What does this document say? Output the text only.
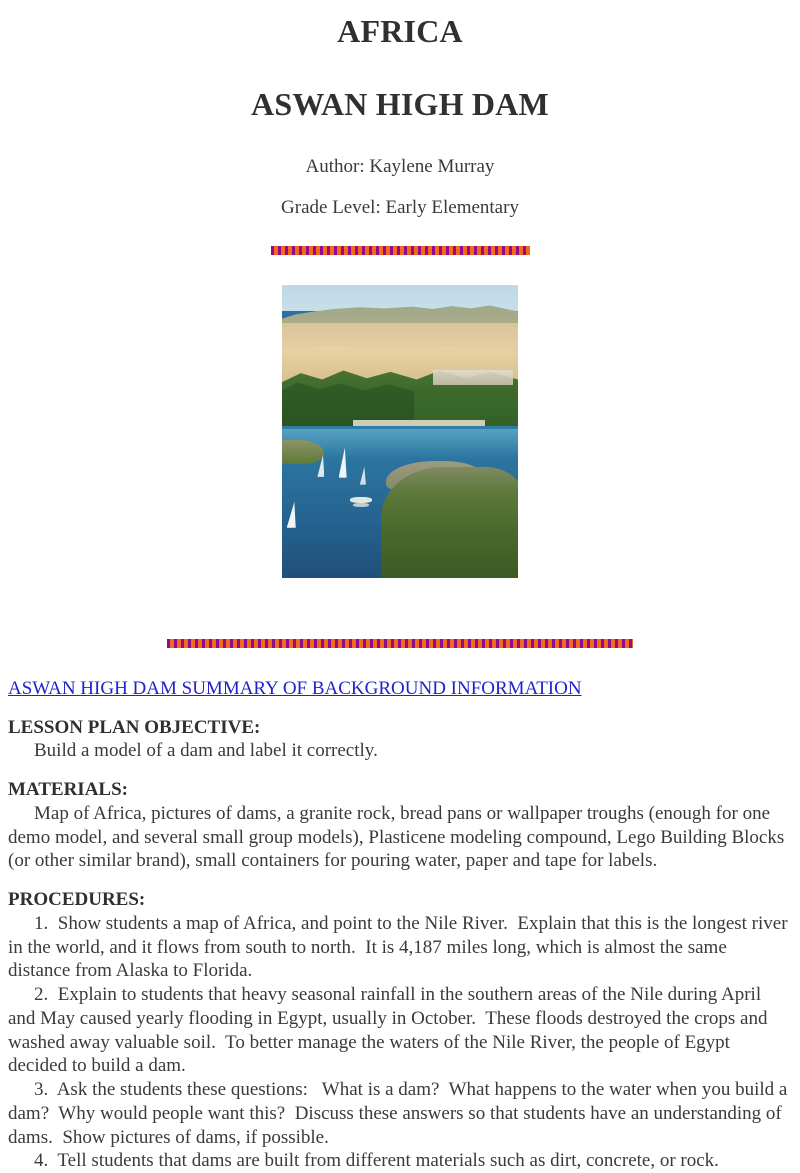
AFRICA
ASWAN HIGH DAM
Author: Kaylene Murray
Grade Level: Early Elementary
ASWAN HIGH DAM SUMMARY OF BACKGROUND INFORMATION
LESSON PLAN OBJECTIVE:

Build a model of a dam and label it correctly.

MATERIALS:

Map of Africa, pictures of dams, a granite rock, bread pans or wallpaper troughs (enough for one demo model, and several small group models), Plasticene modeling compound, Lego Building Blocks (or other similar brand), small containers for pouring water, paper and tape for labels.

PROCEDURES:

1.  Show students a map of Africa, and point to the Nile River.  Explain that this is the longest river in the world, and it flows from south to north.  It is 4,187 miles long, which is almost the same distance from Alaska to Florida.

2.  Explain to students that heavy seasonal rainfall in the southern areas of the Nile during April and May caused yearly flooding in Egypt, usually in October.  These floods destroyed the crops and washed away valuable soil.  To better manage the waters of the Nile River, the people of Egypt decided to build a dam.

3.  Ask the students these questions:   What is a dam?  What happens to the water when you build a dam?  Why would people want this?  Discuss these answers so that students have an understanding of dams.  Show pictures of dams, if possible.

4.  Tell students that dams are built from different materials such as dirt, concrete, or rock.
